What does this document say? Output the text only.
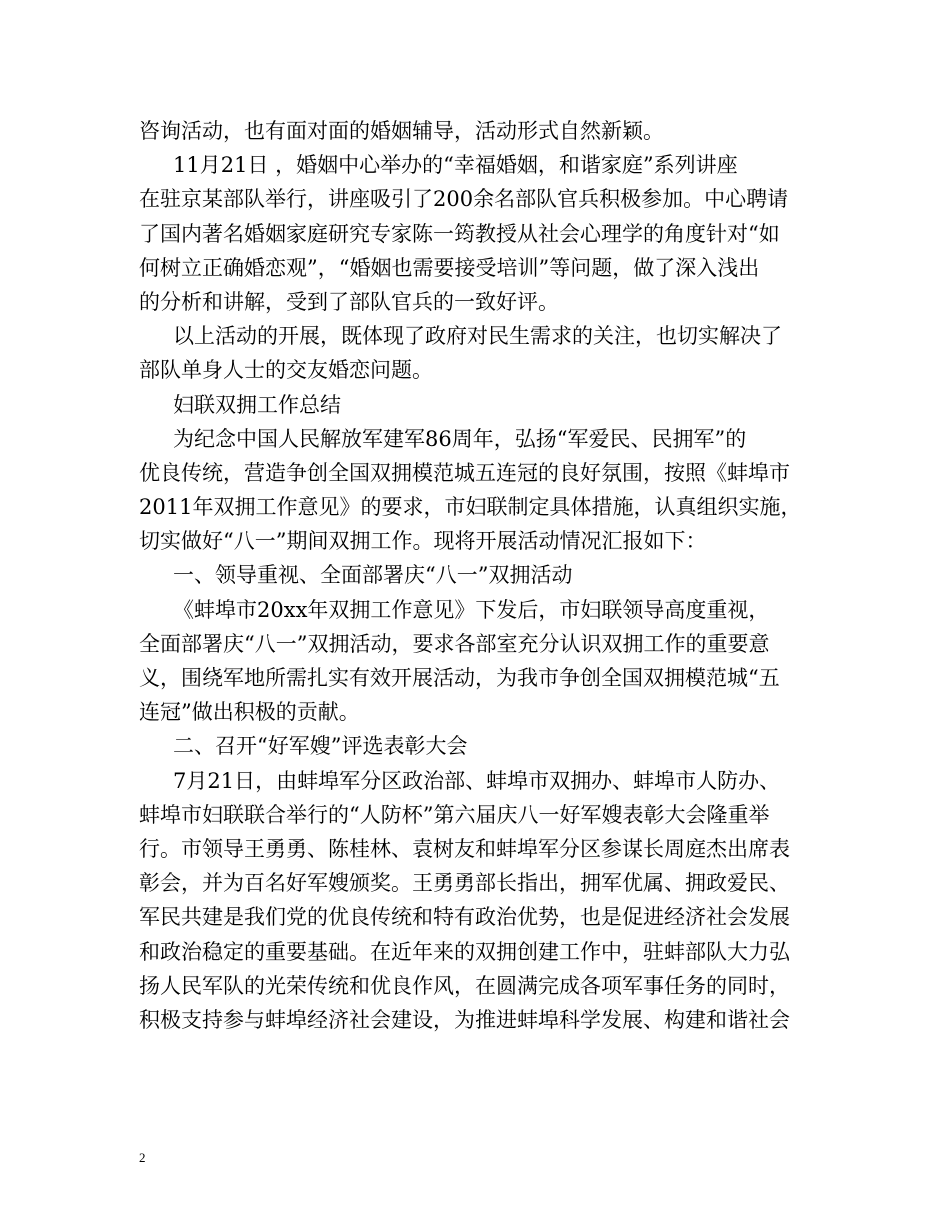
咨询活动，也有面对面的婚姻辅导，活动形式自然新颖。
11月21日 ，婚姻中心举办的“幸福婚姻，和谐家庭”系列讲座
在驻京某部队举行，讲座吸引了200余名部队官兵积极参加。中心聘请
了国内著名婚姻家庭研究专家陈一筠教授从社会心理学的角度针对“如
何树立正确婚恋观”，“婚姻也需要接受培训”等问题，做了深入浅出
的分析和讲解，受到了部队官兵的一致好评。
以上活动的开展，既体现了政府对民生需求的关注，也切实解决了
部队单身人士的交友婚恋问题。
妇联双拥工作总结
为纪念中国人民解放军建军86周年，弘扬“军爱民、民拥军”的
优良传统，营造争创全国双拥模范城五连冠的良好氛围，按照《蚌埠市
2011年双拥工作意见》的要求，市妇联制定具体措施，认真组织实施，
切实做好“八一”期间双拥工作。现将开展活动情况汇报如下：
一、领导重视、全面部署庆“八一”双拥活动
《蚌埠市20xx年双拥工作意见》下发后，市妇联领导高度重视，
全面部署庆“八一”双拥活动，要求各部室充分认识双拥工作的重要意
义，围绕军地所需扎实有效开展活动，为我市争创全国双拥模范城“五
连冠”做出积极的贡献。
二、召开“好军嫂”评选表彰大会
7月21日，由蚌埠军分区政治部、蚌埠市双拥办、蚌埠市人防办、
蚌埠市妇联联合举行的“人防杯”第六届庆八一好军嫂表彰大会隆重举
行。市领导王勇勇、陈桂林、袁树友和蚌埠军分区参谋长周庭杰出席表
彰会，并为百名好军嫂颁奖。王勇勇部长指出，拥军优属、拥政爱民、
军民共建是我们党的优良传统和特有政治优势，也是促进经济社会发展
和政治稳定的重要基础。在近年来的双拥创建工作中，驻蚌部队大力弘
扬人民军队的光荣传统和优良作风，在圆满完成各项军事任务的同时，
积极支持参与蚌埠经济社会建设，为推进蚌埠科学发展、构建和谐社会
2
